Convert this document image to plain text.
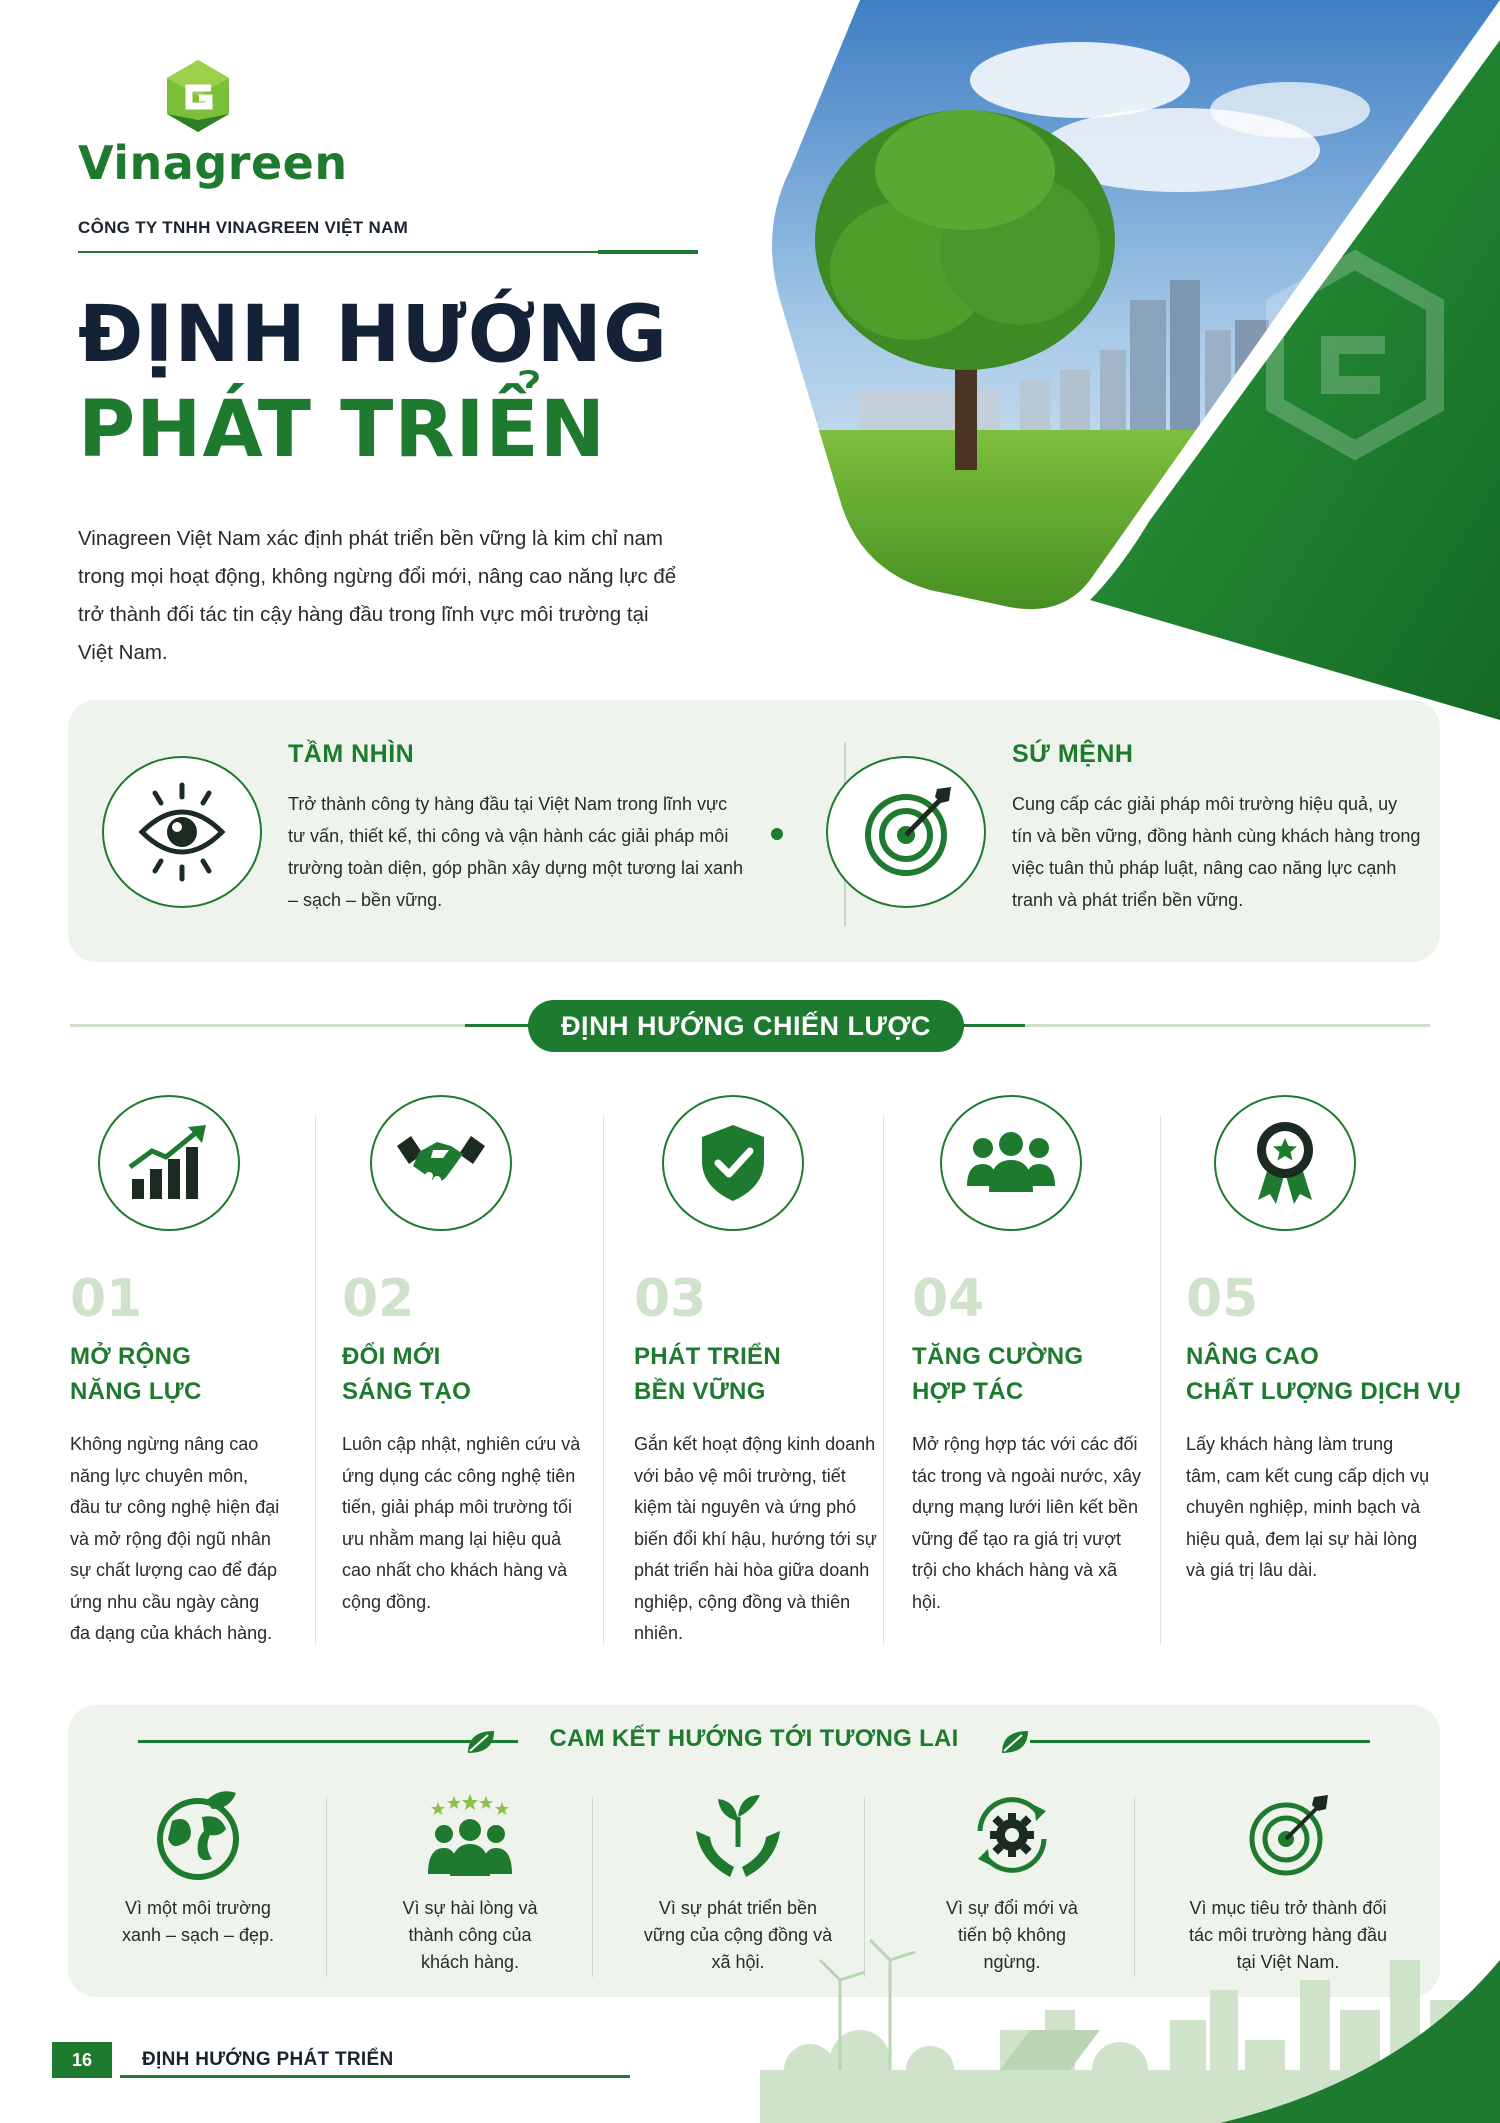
Vinagreen
CÔNG TY TNHH VINAGREEN VIỆT NAM
ĐỊNH HƯỚNG
PHÁT TRIỂN
Vinagreen Việt Nam xác định phát triển bền vững là kim chỉ nam trong mọi hoạt động, không ngừng đổi mới, nâng cao năng lực để trở thành đối tác tin cậy hàng đầu trong lĩnh vực môi trường tại Việt Nam.
TẦM NHÌN
Trở thành công ty hàng đầu tại Việt Nam trong lĩnh vực tư vấn, thiết kế, thi công và vận hành các giải pháp môi trường toàn diện, góp phần xây dựng một tương lai xanh – sạch – bền vững.
SỨ MỆNH
Cung cấp các giải pháp môi trường hiệu quả, uy tín và bền vững, đồng hành cùng khách hàng trong việc tuân thủ pháp luật, nâng cao năng lực cạnh tranh và phát triển bền vững.
ĐỊNH HƯỚNG CHIẾN LƯỢC
01
MỞ RỘNG
NĂNG LỰC
Không ngừng nâng cao năng lực chuyên môn, đầu tư công nghệ hiện đại và mở rộng đội ngũ nhân sự chất lượng cao để đáp ứng nhu cầu ngày càng đa dạng của khách hàng.
02
ĐỔI MỚI
SÁNG TẠO
Luôn cập nhật, nghiên cứu và ứng dụng các công nghệ tiên tiến, giải pháp môi trường tối ưu nhằm mang lại hiệu quả cao nhất cho khách hàng và cộng đồng.
03
PHÁT TRIỂN
BỀN VỮNG
Gắn kết hoạt động kinh doanh với bảo vệ môi trường, tiết kiệm tài nguyên và ứng phó biến đổi khí hậu, hướng tới sự phát triển hài hòa giữa doanh nghiệp, cộng đồng và thiên nhiên.
04
TĂNG CƯỜNG
HỢP TÁC
Mở rộng hợp tác với các đối tác trong và ngoài nước, xây dựng mạng lưới liên kết bền vững để tạo ra giá trị vượt trội cho khách hàng và xã hội.
05
NÂNG CAO
CHẤT LƯỢNG DỊCH VỤ
Lấy khách hàng làm trung tâm, cam kết cung cấp dịch vụ chuyên nghiệp, minh bạch và hiệu quả, đem lại sự hài lòng và giá trị lâu dài.
CAM KẾT HƯỚNG TỚI TƯƠNG LAI
Vì một môi trường xanh – sạch – đẹp.
Vì sự hài lòng và thành công của khách hàng.
Vì sự phát triển bền vững của cộng đồng và xã hội.
Vì sự đổi mới và tiến bộ không ngừng.
Vì mục tiêu trở thành đối tác môi trường hàng đầu tại Việt Nam.
16	ĐỊNH HƯỚNG PHÁT TRIỂN
